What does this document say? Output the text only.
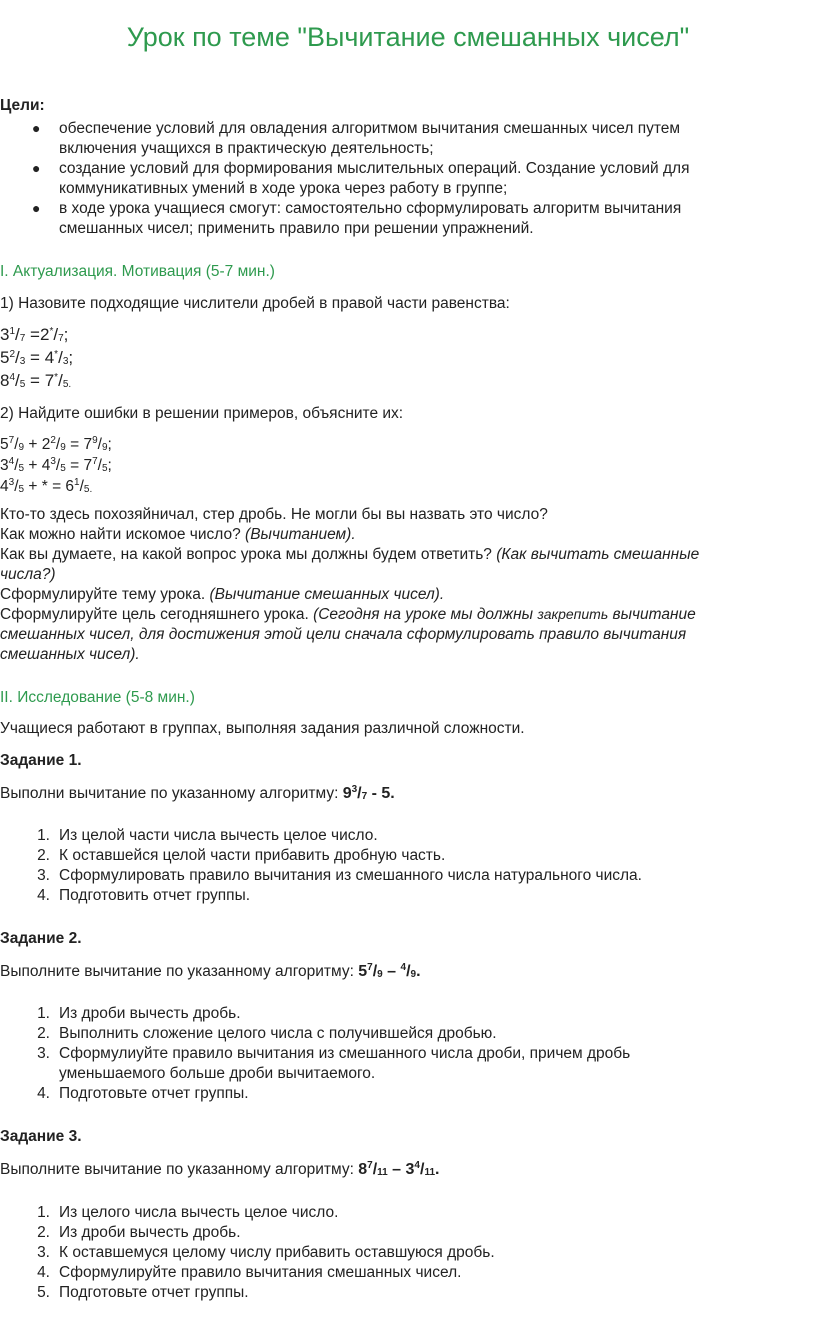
Урок по теме "Вычитание смешанных чисел"
Цели:
● обеспечение условий для овладения алгоритмом вычитания смешанных чисел путем
включения учащихся в практическую деятельность;
● создание условий для формирования мыслительных операций. Создание условий для
коммуникативных умений в ходе урока через работу в группе;
● в ходе урока учащиеся смогут: самостоятельно сформулировать алгоритм вычитания
смешанных чисел; применить правило при решении упражнений.
I. Актуализация. Мотивация (5-7 мин.)
1) Назовите подходящие числители дробей в правой части равенства:
$3^1/_7 =2^*/_7$;
$5^2/_3 = 4^*/_3$;
$8^4/_5 = 7^*/_{5.}$
2) Найдите ошибки в решении примеров, объясните их:
$5^7/_9 + 2^2/_9 = 7^9/_9$;
$3^4/_5 + 4^3/_5 = 7^7/_5$;
$4^3/_5$ + * = $6^1/_{5.}$
Кто-то здесь похозяйничал, стер дробь. Не могли бы вы назвать это число?
Как можно найти искомое число? (Вычитанием).
Как вы думаете, на какой вопрос урока мы должны будем ответить? (Как вычитать смешанные
числа?)
Сформулируйте тему урока. (Вычитание смешанных чисел).
Сформулируйте цель сегодняшнего урока. (Сегодня на уроке мы должны закрепить вычитание
смешанных чисел, для достижения этой цели сначала сформулировать правило вычитания
смешанных чисел).
II. Исследование (5-8 мин.)
Учащиеся работают в группах, выполняя задания различной сложности.
Задание 1.
Выполни вычитание по указанному алгоритму: $9^3/_7 - 5$.
1. Из целой части числа вычесть целое число.
2. К оставшейся целой части прибавить дробную часть.
3. Сформулировать правило вычитания из смешанного числа натурального числа.
4. Подготовить отчет группы.
Задание 2.
Выполните вычитание по указанному алгоритму: $5^7/_9 - ^4/_9$.
1. Из дроби вычесть дробь.
2. Выполнить сложение целого числа с получившейся дробью.
3. Сформулиуйте правило вычитания из смешанного числа дроби, причем дробь
уменьшаемого больше дроби вычитаемого.
4. Подготовьте отчет группы.
Задание 3.
Выполните вычитание по указанному алгоритму: $8^7/_{11} - 3^4/_{11}$.
1. Из целого числа вычесть целое число.
2. Из дроби вычесть дробь.
3. К оставшемуся целому числу прибавить оставшуюся дробь.
4. Сформулируйте правило вычитания смешанных чисел.
5. Подготовьте отчет группы.
